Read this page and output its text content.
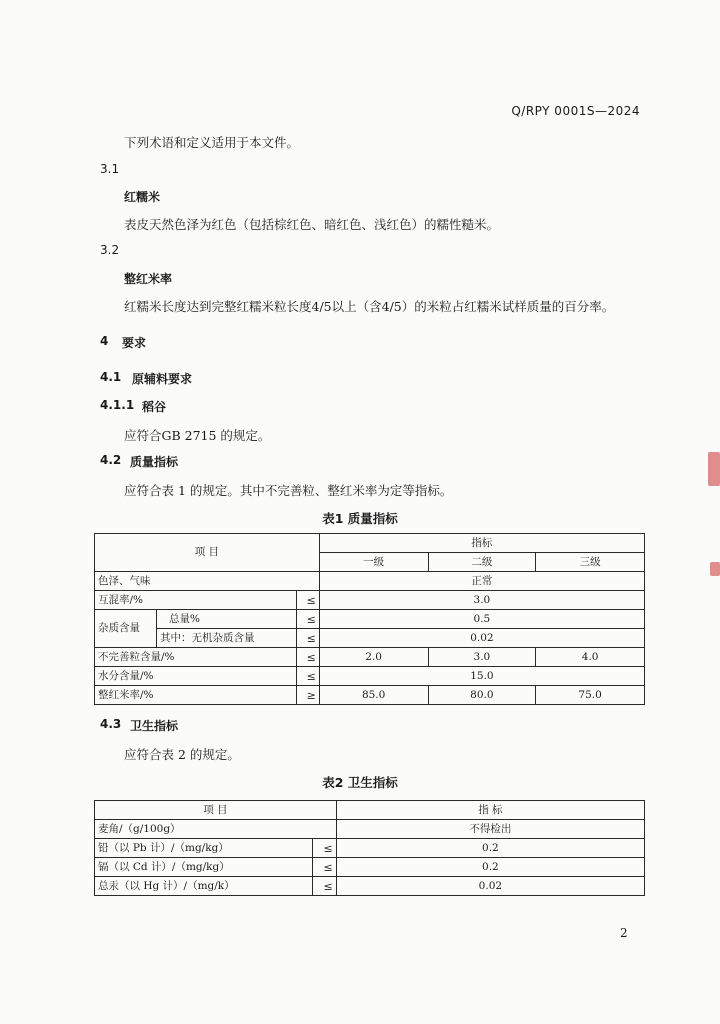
Q/RPY 0001S—2024
下列术语和定义适用于本文件。
3.1
红糯米
表皮天然色泽为红色（包括棕红色、暗红色、浅红色）的糯性糙米。
3.2
整红米率
红糯米长度达到完整红糯米粒长度4/5以上（含4/5）的米粒占红糯米试样质量的百分率。
4 要求
4.1 原辅料要求
4.1.1 稻谷
应符合GB 2715 的规定。
4.2 质量指标
应符合表 1 的规定。其中不完善粒、整红米率为定等指标。
表1 质量指标
项 目			指标		
			一级	二级	三级
色泽、气味			正常		
互混率/%		≤	3.0		
杂质含量	总量%	≤	0.5		
	其中：无机杂质含量	≤	0.02		
不完善粒含量/%		≤	2.0	3.0	4.0
水分含量/%		≤	15.0		
整红米率/%		≥	85.0	80.0	75.0
4.3 卫生指标
应符合表 2 的规定。
表2 卫生指标
项 目		指 标
麦角/（g/100g）		不得检出
铅（以 Pb 计）/（mg/kg）	≤	0.2
镉（以 Cd 计）/（mg/kg）	≤	0.2
总汞（以 Hg 计）/（mg/k）	≤	0.02
2
